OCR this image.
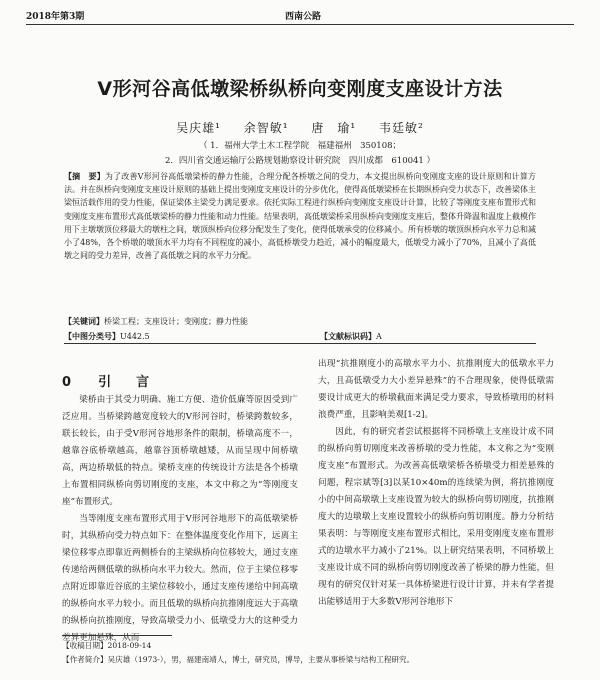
2018年第3期	西南公路
V形河谷高低墩梁桥纵桥向变刚度支座设计方法
吴庆雄¹ 余智敏¹ 唐　瑜¹ 韦廷敏²
（ 1．福州大学土木工程学院　福建福州　350108；
2．四川省交通运输厅公路规划勘察设计研究院　四川成都　610041 ）

【摘　要】为了改善V形河谷高低墩梁桥的静力性能，合理分配各桥墩之间的受力，本文提出纵桥向变刚度支座的设计原则和计算方法。并在纵桥向变刚度支座设计原则的基础上提出变刚度支座设计的分步优化，使得高低墩梁桥在长期纵桥向受力状态下，改善梁体主梁恒活载作用的受力性能，保证梁体主梁受力满足要求。依托实际工程进行纵桥向变刚度支座设计计算，比较了等刚度支座布置形式和变刚度支座布置形式高低墩梁桥的静力性能和动力性能。结果表明，高低墩梁桥采用纵桥向变刚度支座后，整体升降温和温度上截模作用下主墩墩顶位移最大的墩柱之间，墩顶纵桥向位移分配发生了变化，使得低墩承受的位移减小。所有桥墩的墩顶纵桥向水平力总和减小了48%，各个桥墩的墩顶水平力均有不同程度的减小，高低桥墩受力趋近，减小的幅度最大，低墩受力减小了70%，且减小了高低墩之间的受力差异，改善了高低墩之间的水平力分配。

【关键词】桥梁工程；支座设计；变刚度；静力性能
【中图分类号】U442.5	【文献标识码】A
0 引　言

梁桥由于其受力明确、施工方便、造价低廉等原因受到广泛应用。当桥梁跨越宽度较大的V形河谷时，桥梁跨数较多，联长较长，由于受V形河谷地形条件的限制，桥墩高度不一，越靠谷底桥墩越高，越靠谷顶桥墩越矮，从而呈现中间桥墩高，两边桥墩低的特点。梁桥支座的传统设计方法是各个桥墩上布置相同纵桥向剪切刚度的支座，本文中称之为“等刚度支座”布置形式。

当等刚度支座布置形式用于V形河谷地形下的高低墩梁桥时，其纵桥向受力特点如下：在整体温度变化作用下，远离主梁位移零点即靠近两侧桥台的主梁纵桥向位移较大，通过支座传递给两侧低墩的纵桥向水平力较大。然而，位于主梁位移零点附近即靠近谷底的主梁位移较小，通过支座传递给中间高墩的纵桥向水平力较小。而且低墩的纵桥向抗推刚度远大于高墩的纵桥向抗推刚度，导致高墩受力小、低墩受力大的这种受力差异更加悬殊，从而

出现“抗推刚度小的高墩水平力小、抗推刚度大的低墩水平力大，且高低墩受力大小差异悬殊”的不合理现象，使得低墩需要设计成更大的桥墩截面来满足受力要求，导致桥墩用的材料浪费严重，且影响美观[1-2]。

因此，有的研究者尝试根据将不同桥墩上支座设计成不同的纵桥向剪切刚度来改善桥墩的受力性能，本文称之为“变刚度支座”布置形式。为改善高低墩梁桥各桥墩受力相差悬殊的问题，程宗斌等[3]以某10×40m的连续梁为例，将抗推刚度小的中间高墩墩上支座设置为较大的纵桥向剪切刚度，抗推刚度大的边墩墩上支座设置较小的纵桥向剪切刚度。静力分析结果表明：与等刚度支座布置形式相比，采用变刚度支座布置形式的边墩水平力减小了21%。以上研究结果表明，不同桥墩上支座设计成不同的纵桥向剪切刚度改善了桥梁的静力性能，但现有的研究仅针对某一具体桥梁进行设计计算，并未有学者提出能够适用于大多数V形河谷地形下

【收稿日期】2018-09-14
【作者简介】吴庆雄（1973-），男，福建南靖人，博士，研究员，博导，主要从事桥梁与结构工程研究。
